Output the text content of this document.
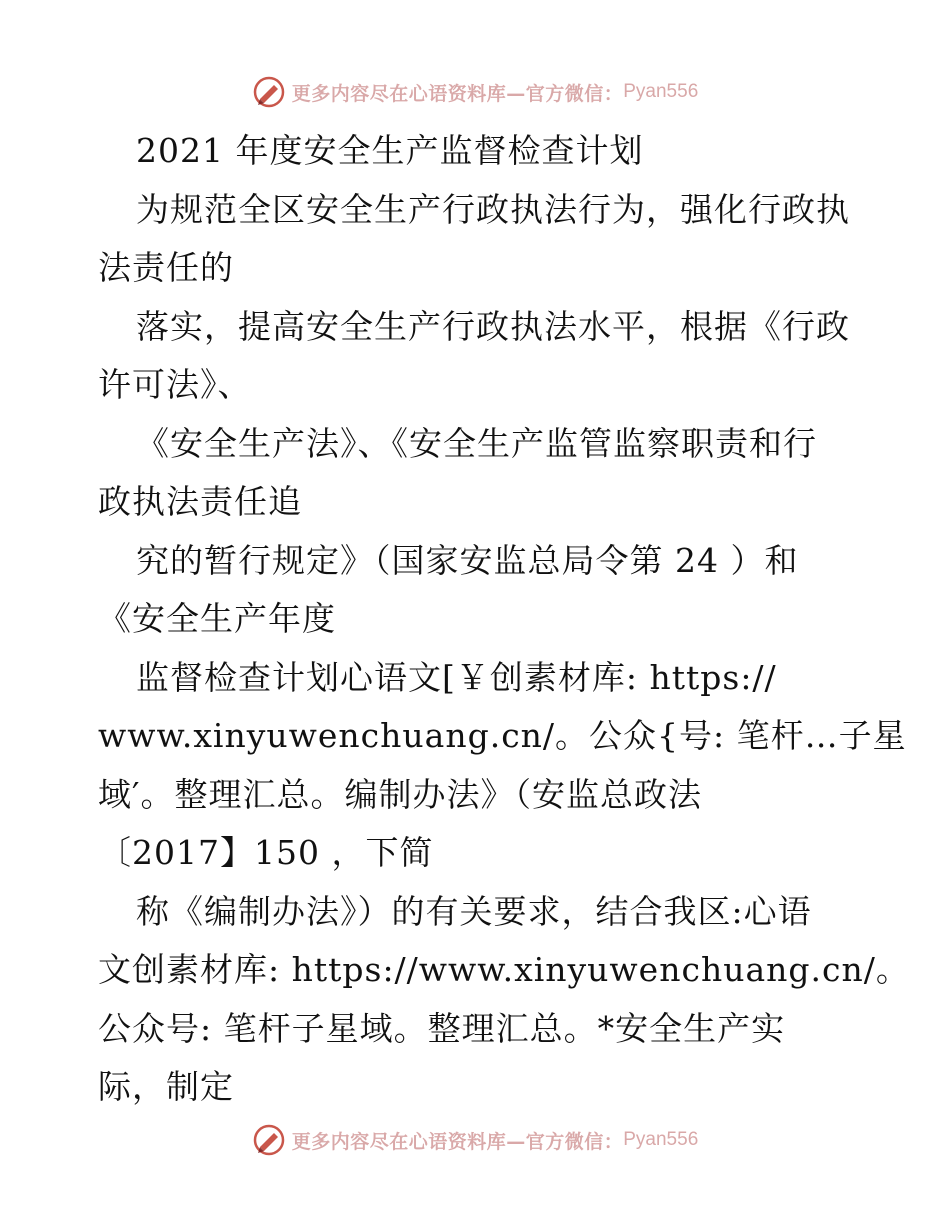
更多内容尽在心语资料库—官方微信： Pyan556
2021 年度安全生产监督检查计划
为规范全区安全生产行政执法行为，强化行政执
法责任的
落实，提高安全生产行政执法水平，根据《行政
许可法》、
《安全生产法》、《安全生产监管监察职责和行
政执法责任追
究的暂行规定》（国家安监总局令第 24 ）和
《安全生产年度
监督检查计划心语文[￥创素材库: https://
www.xinyuwenchuang.cn/。公众{号: 笔杆…子星
域′。整理汇总。编制办法》（安监总政法
〔2017】150 ，下简
称《编制办法》）的有关要求，结合我区:心语
文创素材库: https://www.xinyuwenchuang.cn/。
公众号: 笔杆子星域。整理汇总。*安全生产实
际，制定
更多内容尽在心语资料库—官方微信： Pyan556
